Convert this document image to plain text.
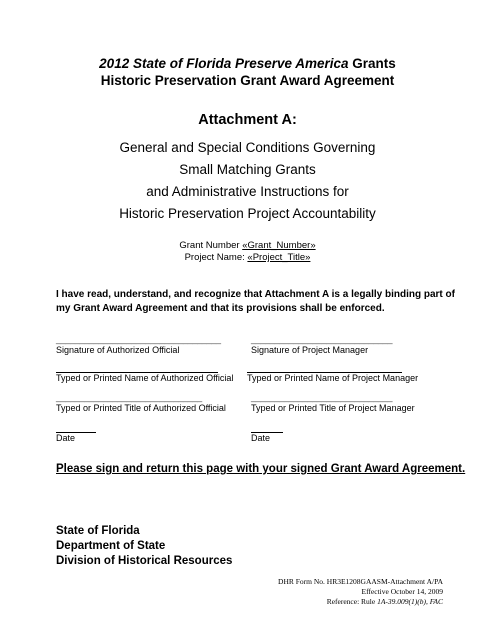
2012 State of Florida Preserve America Grants
Historic Preservation Grant Award Agreement
Attachment A:
General and Special Conditions Governing
Small Matching Grants
and Administrative Instructions for
Historic Preservation Project Accountability
Grant Number «Grant_Number»
Project Name: «Project_Title»
I have read, understand, and recognize that Attachment A is a legally binding part of my Grant Award Agreement and that its provisions shall be enforced.
___________________________________
Signature of Authorized Official
______________________________
Signature of Project Manager
Typed or Printed Name of Authorized Official Typed or Printed Name of Project Manager
_______________________________
Typed or Printed Title of Authorized Official
______________________________
Typed or Printed Title of Project Manager
Date	Date
Please sign and return this page with your signed Grant Award Agreement.
State of Florida
Department of State
Division of Historical Resources
DHR Form No. HR3E1208GAASM-Attachment A/PA
Effective October 14, 2009
Reference: Rule 1A-39.009(1)(b), FAC
